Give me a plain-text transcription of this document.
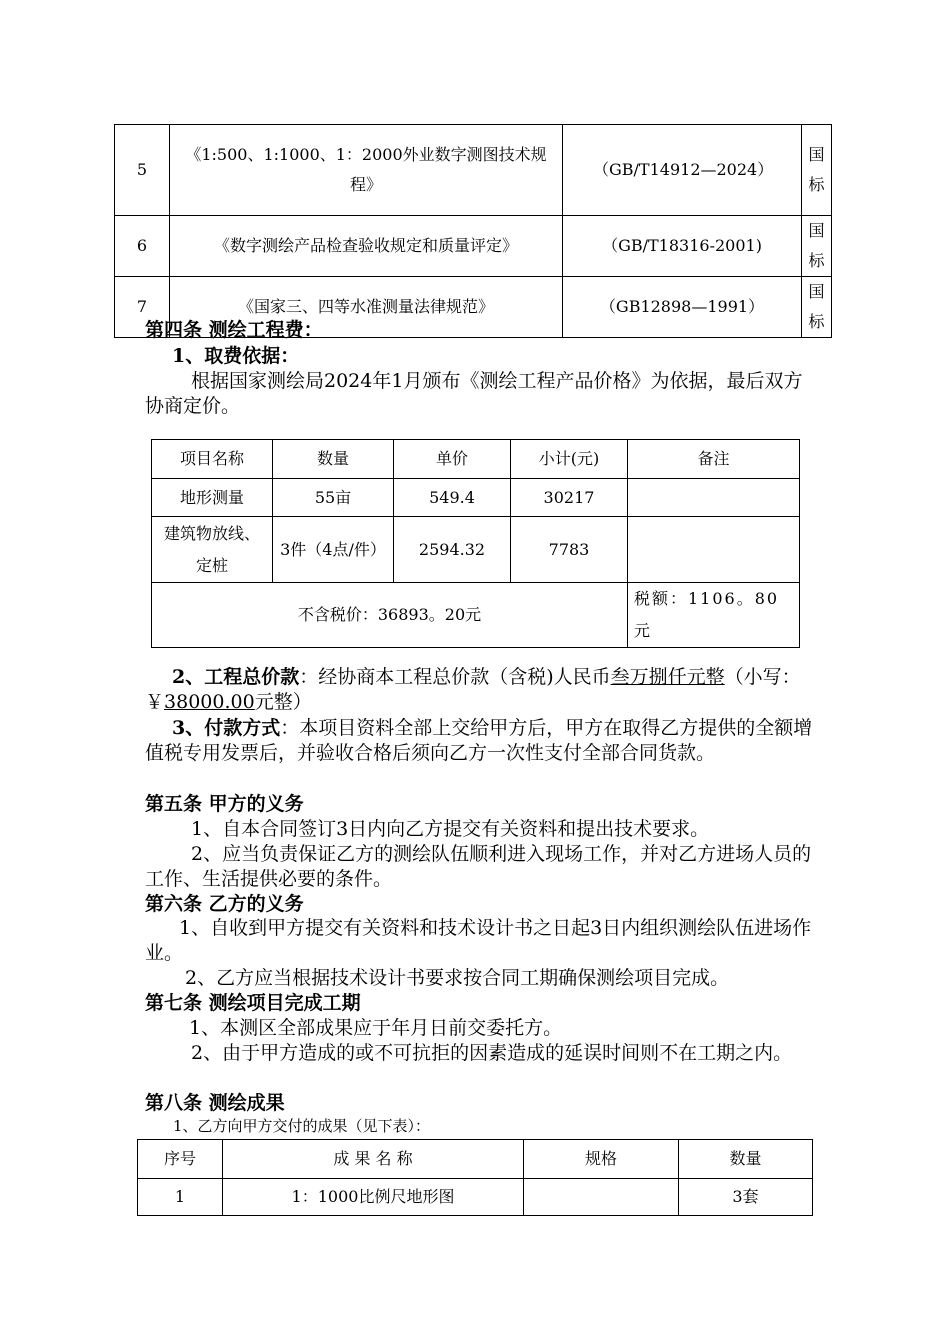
5	《1:500、1:1000、1：2000外业数字测图技术规程》	（GB/T14912—2024）	国标
6	《数字测绘产品检查验收规定和质量评定》	（GB/T18316-2001)	国标
7	《国家三、四等水准测量法律规范》	（GB12898—1991）	国标

第四条 测绘工程费：

1、取费依据：

根据国家测绘局2024年1月颁布《测绘工程产品价格》为依据，最后双方协商定价。

项目名称	数量	单价	小计(元)	备注
地形测量	55亩	549.4	30217	
建筑物放线、定桩	3件（4点/件）	2594.32	7783	
不含税价：36893。20元				税额：1106。80元

2、工程总价款：经协商本工程总价款（含税)人民币叁万捌仟元整（小写：￥38000.00元整）

3、付款方式：本项目资料全部上交给甲方后，甲方在取得乙方提供的全额增值税专用发票后，并验收合格后须向乙方一次性支付全部合同货款。

第五条 甲方的义务

1、自本合同签订3日内向乙方提交有关资料和提出技术要求。

2、应当负责保证乙方的测绘队伍顺利进入现场工作，并对乙方进场人员的工作、生活提供必要的条件。

第六条 乙方的义务

1、自收到甲方提交有关资料和技术设计书之日起3日内组织测绘队伍进场作业。

2、乙方应当根据技术设计书要求按合同工期确保测绘项目完成。

第七条 测绘项目完成工期

1、本测区全部成果应于年月日前交委托方。

2、由于甲方造成的或不可抗拒的因素造成的延误时间则不在工期之内。

第八条 测绘成果

1、乙方向甲方交付的成果（见下表）：

序号	成 果 名 称	规格	数量
1	1：1000比例尺地形图		3套
